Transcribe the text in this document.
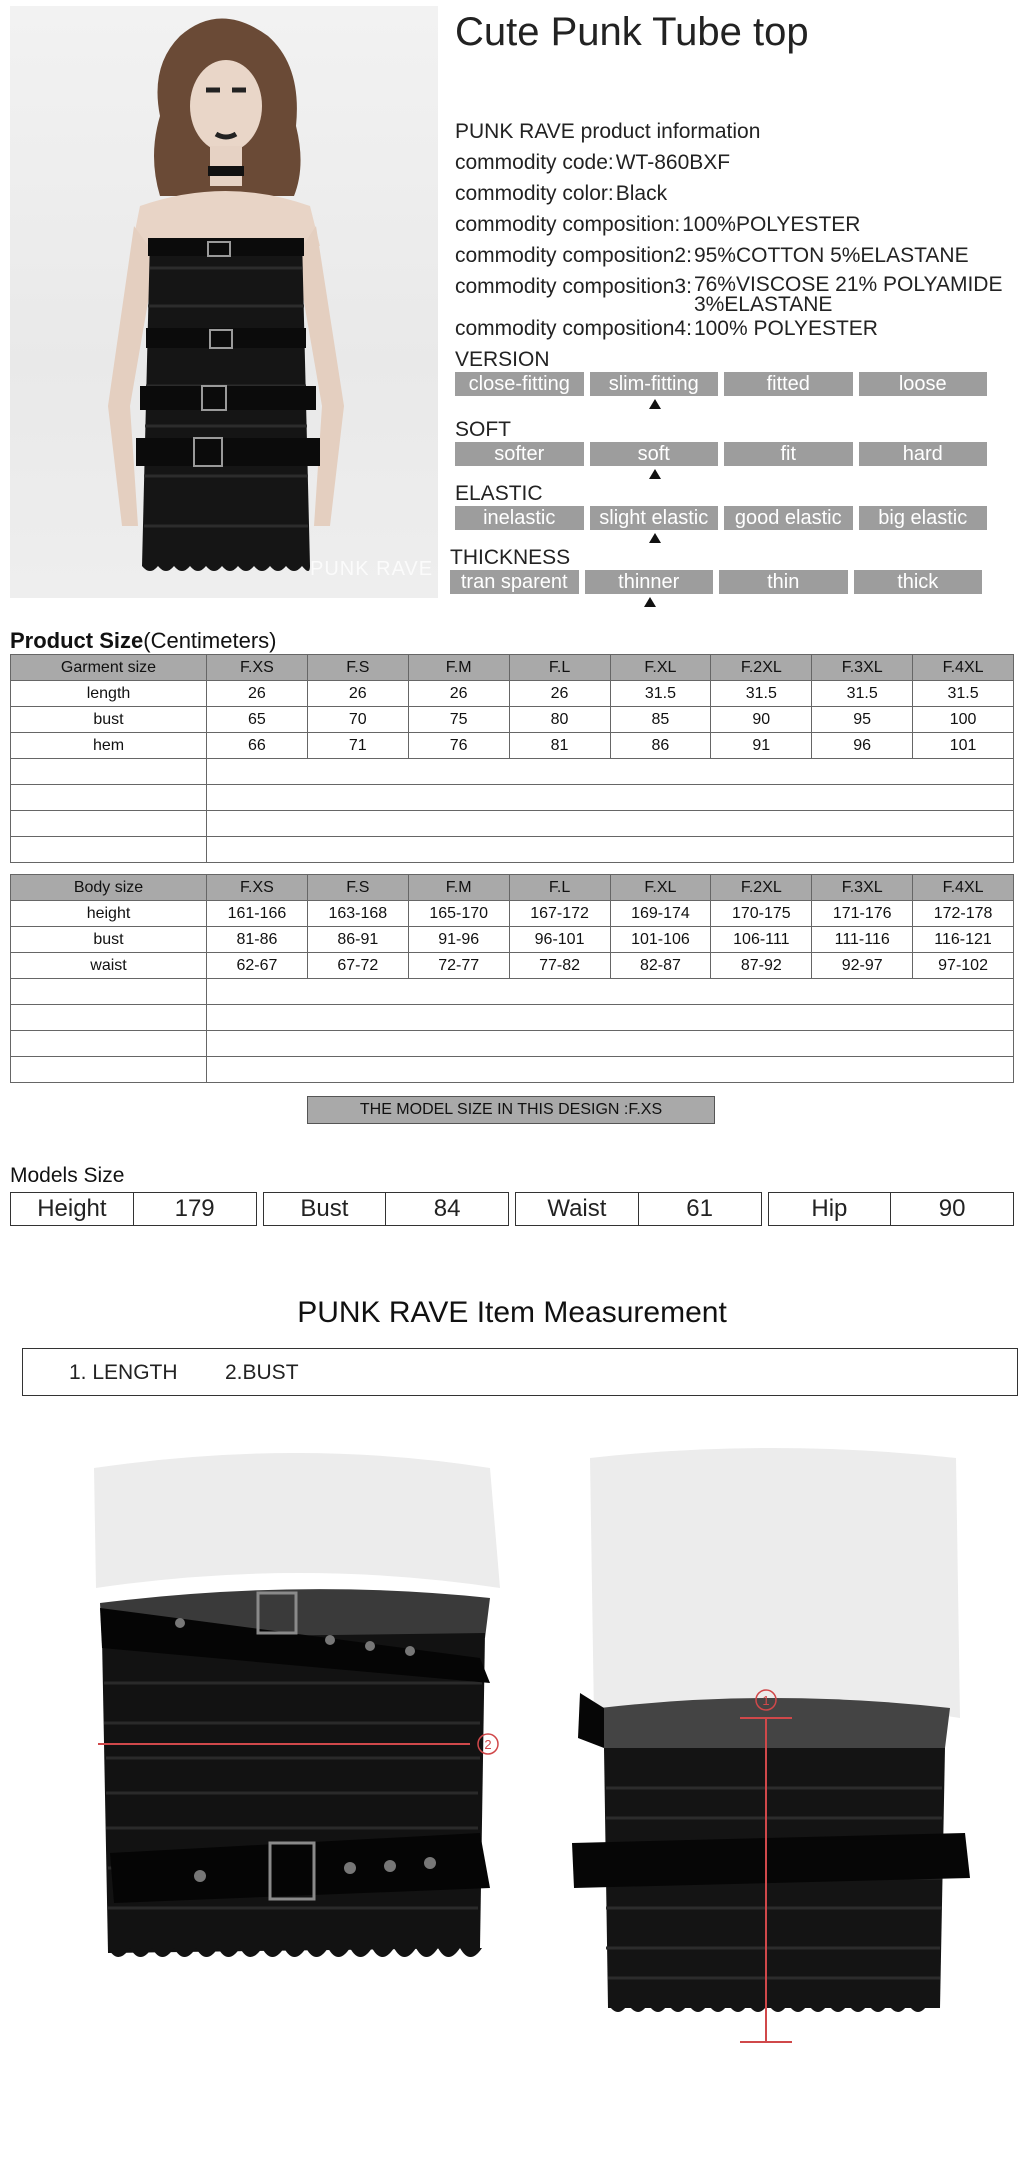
PUNK RAVE
Cute Punk Tube top
PUNK RAVE product information
commodity code: WT-860BXF
commodity color: Black
commodity composition: 100%POLYESTER
commodity composition2: 95%COTTON 5%ELASTANE
commodity composition3: 76%VISCOSE 21% POLYAMIDE 3%ELASTANE
commodity composition4: 100% POLYESTER
VERSION
close-fitting	slim-fitting	fitted	loose
SOFT
softer	soft	fit	hard
ELASTIC
inelastic	slight elastic	good elastic	big elastic
THICKNESS
tran sparent	thinner	thin	thick
Product Size(Centimeters)
Garment size	F.XS	F.S	F.M	F.L	F.XL	F.2XL	F.3XL	F.4XL
length	26	26	26	26	31.5	31.5	31.5	31.5
bust	65	70	75	80	85	90	95	100
hem	66	71	76	81	86	91	96	101

Body size	F.XS	F.S	F.M	F.L	F.XL	F.2XL	F.3XL	F.4XL
height	161-166	163-168	165-170	167-172	169-174	170-175	171-176	172-178
bust	81-86	86-91	91-96	96-101	101-106	106-111	111-116	116-121
waist	62-67	67-72	72-77	77-82	82-87	87-92	92-97	97-102

THE MODEL SIZE IN THIS DESIGN :F.XS
Models Size
Height	179	Bust	84	Waist	61	Hip	90
PUNK RAVE Item Measurement
1. LENGTH 2.BUST
2
1
